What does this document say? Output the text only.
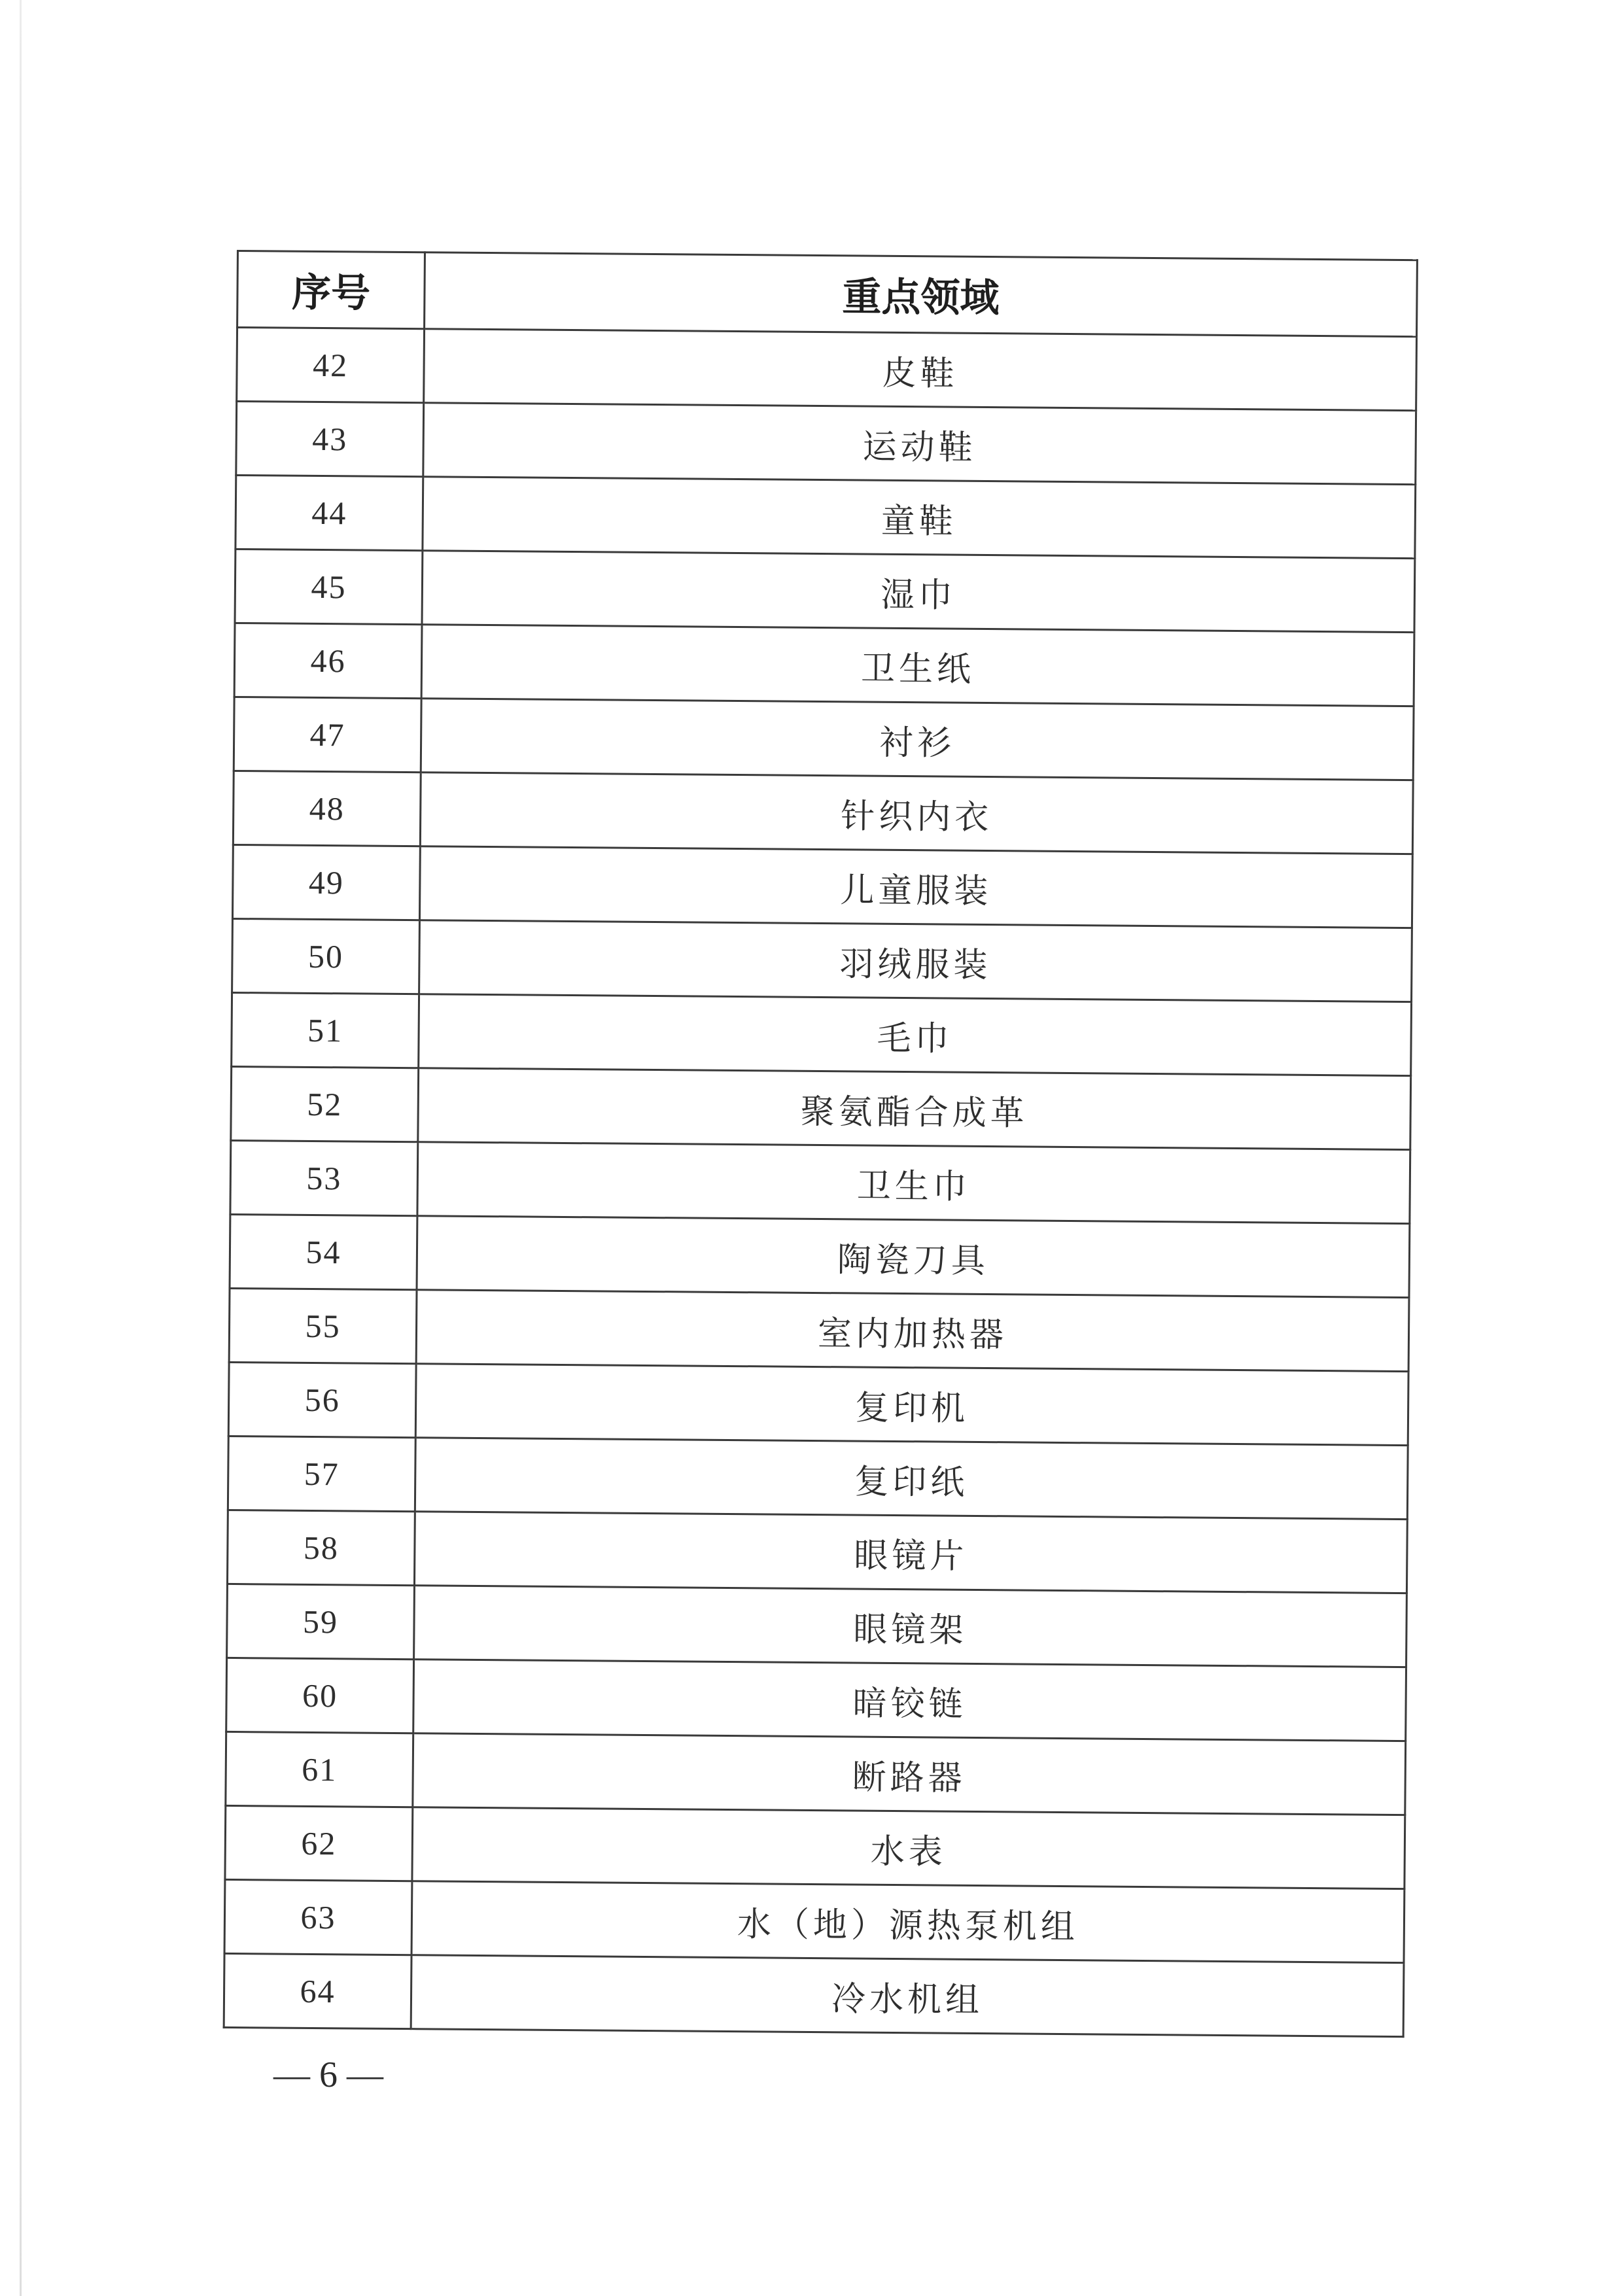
序号	重点领域
42	皮鞋
43	运动鞋
44	童鞋
45	湿巾
46	卫生纸
47	衬衫
48	针织内衣
49	儿童服装
50	羽绒服装
51	毛巾
52	聚氨酯合成革
53	卫生巾
54	陶瓷刀具
55	室内加热器
56	复印机
57	复印纸
58	眼镜片
59	眼镜架
60	暗铰链
61	断路器
62	水表
63	水（地）源热泵机组
64	冷水机组
— 6 —
